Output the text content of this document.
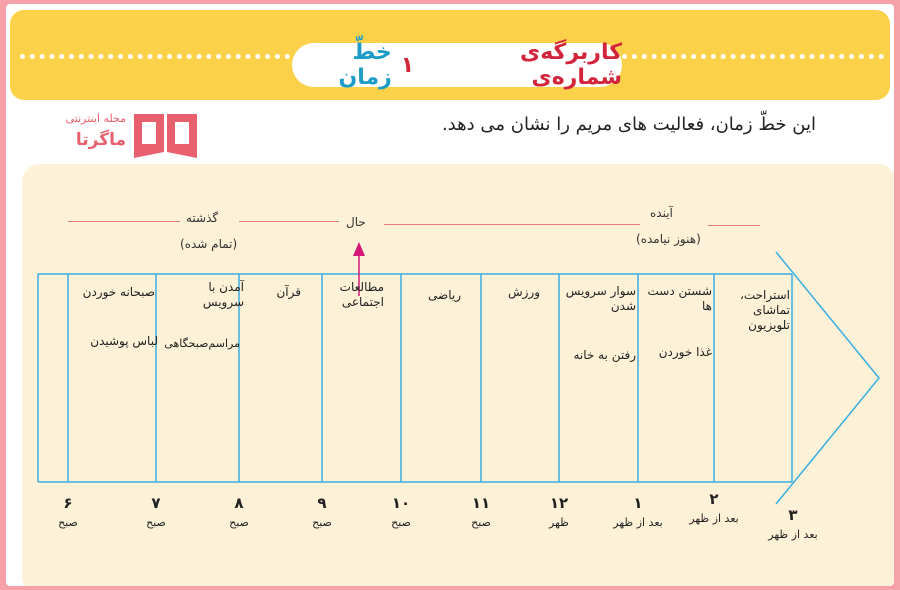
کاربرگه‌ی شماره‌ی
۱
خطّ زمان
مجله اینترنتی
ماگرتا
این خطّ زمان، فعالیت های مریم را نشان می دهد.
گذشته
(تمام شده)
حال
آینده
(هنوز نیامده)
صبحانه خوردن
لباس پوشیدن
آمدن با سرویس
مراسم‌صبحگاهی
قرآن	مطالعات اجتماعی	ریاضی	ورزش	سوار سرویس شدن
رفتن به خانه
شستن دست ها
غذا خوردن
استراحت، تماشای تلویزیون
۶
صبح
۷
صبح
۸
صبح
۹
صبح
۱۰
صبح
۱۱
صبح
۱۲
ظهر
۱
بعد از ظهر
۲
بعد از ظهر	۳
بعد از ظهر
